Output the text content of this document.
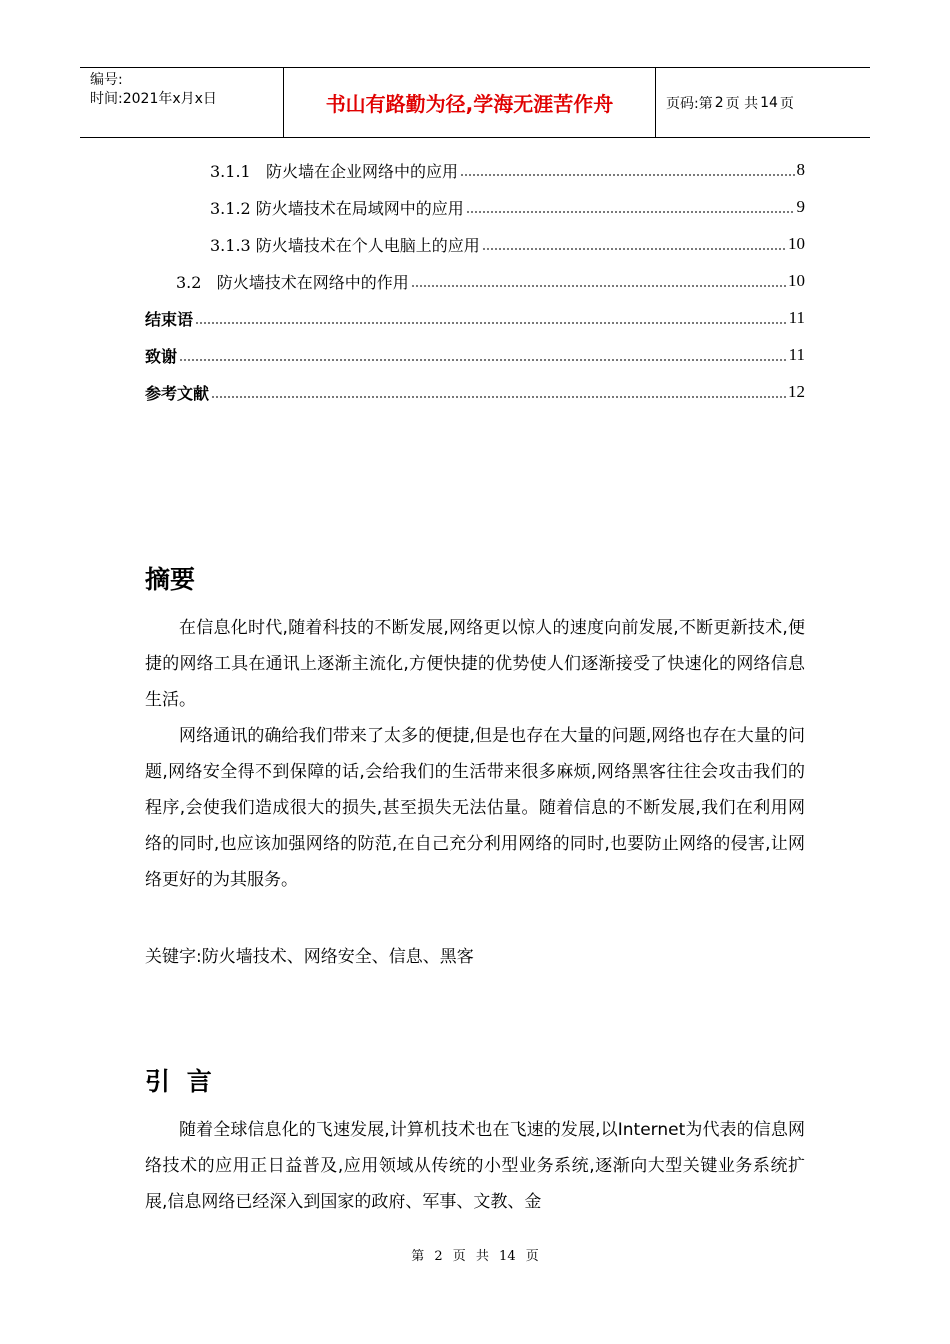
编号:
时间:2021年x月x日	书山有路勤为径,学海无涯苦作舟	页码:第 2 页 共 14 页
3.1.1   防火墙在企业网络中的应用	8
3.1.2 防火墙技术在局域网中的应用	9
3.1.3 防火墙技术在个人电脑上的应用	10
3.2   防火墙技术在网络中的作用	10
结束语	11
致谢	11
参考文献	12
摘要

在信息化时代,随着科技的不断发展,网络更以惊人的速度向前发展,不断更新技术,便捷的网络工具在通讯上逐渐主流化,方便快捷的优势使人们逐渐接受了快速化的网络信息生活。

网络通讯的确给我们带来了太多的便捷,但是也存在大量的问题,网络也存在大量的问题,网络安全得不到保障的话,会给我们的生活带来很多麻烦,网络黑客往往会攻击我们的程序,会使我们造成很大的损失,甚至损失无法估量。随着信息的不断发展,我们在利用网络的同时,也应该加强网络的防范,在自己充分利用网络的同时,也要防止网络的侵害,让网络更好的为其服务。

关键字:防火墙技术、网络安全、信息、黑客
引 言

随着全球信息化的飞速发展,计算机技术也在飞速的发展,以Internet为代表的信息网络技术的应用正日益普及,应用领域从传统的小型业务系统,逐渐向大型关键业务系统扩展,信息网络已经深入到国家的政府、军事、文教、金

第 2 页 共 14 页
